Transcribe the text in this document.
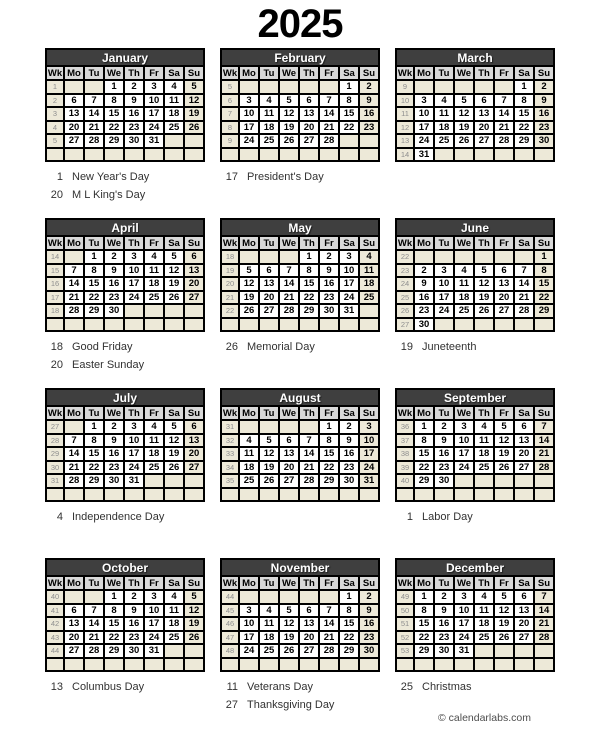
2025
January							
Wk	Mo	Tu	We	Th	Fr	Sa	Su
1			1	2	3	4	5
2	6	7	8	9	10	11	12
3	13	14	15	16	17	18	19
4	20	21	22	23	24	25	26
5	27	28	29	30	31		

1 New Year's Day
20 M L King's Day
February							
Wk	Mo	Tu	We	Th	Fr	Sa	Su
5						1	2
6	3	4	5	6	7	8	9
7	10	11	12	13	14	15	16
8	17	18	19	20	21	22	23
9	24	25	26	27	28		

17 President's Day
March							
Wk	Mo	Tu	We	Th	Fr	Sa	Su
9						1	2
10	3	4	5	6	7	8	9
11	10	11	12	13	14	15	16
12	17	18	19	20	21	22	23
13	24	25	26	27	28	29	30
14	31						
April							
Wk	Mo	Tu	We	Th	Fr	Sa	Su
14		1	2	3	4	5	6
15	7	8	9	10	11	12	13
16	14	15	16	17	18	19	20
17	21	22	23	24	25	26	27
18	28	29	30				

18 Good Friday
20 Easter Sunday
May							
Wk	Mo	Tu	We	Th	Fr	Sa	Su
18				1	2	3	4
19	5	6	7	8	9	10	11
20	12	13	14	15	16	17	18
21	19	20	21	22	23	24	25
22	26	27	28	29	30	31	

26 Memorial Day
June							
Wk	Mo	Tu	We	Th	Fr	Sa	Su
22							1
23	2	3	4	5	6	7	8
24	9	10	11	12	13	14	15
25	16	17	18	19	20	21	22
26	23	24	25	26	27	28	29
27	30						
19 Juneteenth
July							
Wk	Mo	Tu	We	Th	Fr	Sa	Su
27		1	2	3	4	5	6
28	7	8	9	10	11	12	13
29	14	15	16	17	18	19	20
30	21	22	23	24	25	26	27
31	28	29	30	31			

4 Independence Day
August							
Wk	Mo	Tu	We	Th	Fr	Sa	Su
31					1	2	3
32	4	5	6	7	8	9	10
33	11	12	13	14	15	16	17
34	18	19	20	21	22	23	24
35	25	26	27	28	29	30	31

September							
Wk	Mo	Tu	We	Th	Fr	Sa	Su
36	1	2	3	4	5	6	7
37	8	9	10	11	12	13	14
38	15	16	17	18	19	20	21
39	22	23	24	25	26	27	28
40	29	30					

1 Labor Day
October							
Wk	Mo	Tu	We	Th	Fr	Sa	Su
40			1	2	3	4	5
41	6	7	8	9	10	11	12
42	13	14	15	16	17	18	19
43	20	21	22	23	24	25	26
44	27	28	29	30	31		

13 Columbus Day
November							
Wk	Mo	Tu	We	Th	Fr	Sa	Su
44						1	2
45	3	4	5	6	7	8	9
46	10	11	12	13	14	15	16
47	17	18	19	20	21	22	23
48	24	25	26	27	28	29	30

11 Veterans Day
27 Thanksgiving Day
December							
Wk	Mo	Tu	We	Th	Fr	Sa	Su
49	1	2	3	4	5	6	7
50	8	9	10	11	12	13	14
51	15	16	17	18	19	20	21
52	22	23	24	25	26	27	28
53	29	30	31				

25 Christmas
© calendarlabs.com
